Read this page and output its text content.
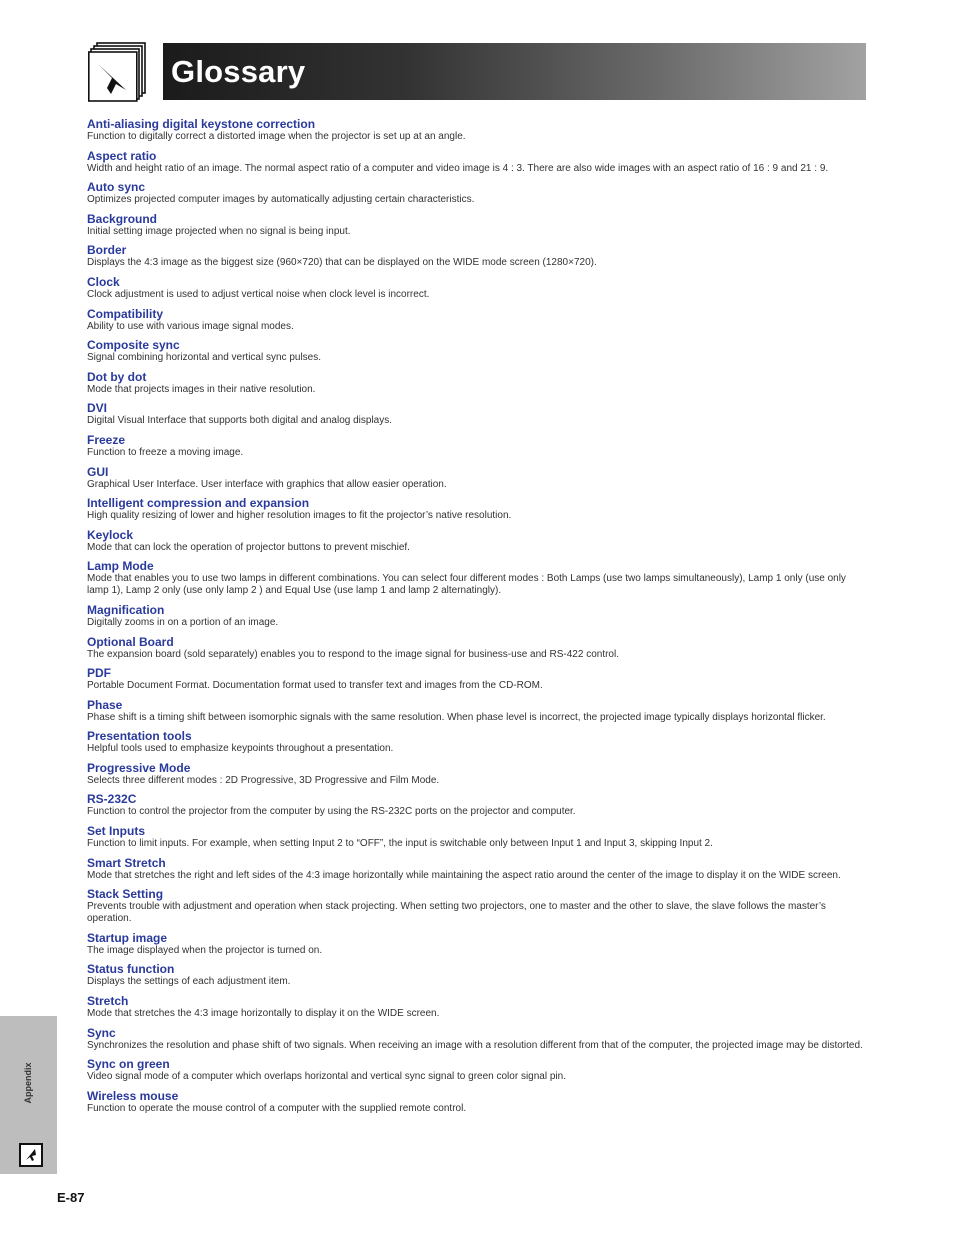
Glossary
Anti-aliasing digital keystone correction
Function to digitally correct a distorted image when the projector is set up at an angle.
Aspect ratio
Width and height ratio of an image. The normal aspect ratio of a computer and video image is 4 : 3. There are also wide images with an aspect ratio of 16 : 9 and 21 : 9.
Auto sync
Optimizes projected computer images by automatically adjusting certain characteristics.
Background
Initial setting image projected when no signal is being input.
Border
Displays the 4:3 image as the biggest size (960×720) that can be displayed on the WIDE mode screen (1280×720).
Clock
Clock adjustment is used to adjust vertical noise when clock level is incorrect.
Compatibility
Ability to use with various image signal modes.
Composite sync
Signal combining horizontal and vertical sync pulses.
Dot by dot
Mode that projects images in their native resolution.
DVI
Digital Visual Interface that supports both digital and analog displays.
Freeze
Function to freeze a moving image.
GUI
Graphical User Interface. User interface with graphics that allow easier operation.
Intelligent compression and expansion
High quality resizing of lower and higher resolution images to fit the projector’s native resolution.
Keylock
Mode that can lock the operation of projector buttons to prevent mischief.
Lamp Mode
Mode that enables you to use two lamps in different combinations. You can select four different modes : Both Lamps (use two lamps simultaneously), Lamp 1 only (use only lamp 1), Lamp 2 only (use only lamp 2 ) and Equal Use (use lamp 1 and lamp 2 alternatingly).
Magnification
Digitally zooms in on a portion of an image.
Optional Board
The expansion board (sold separately) enables you to respond to the image signal for business-use and RS-422 control.
PDF
Portable Document Format. Documentation format used to transfer text and images from the CD-ROM.
Phase
Phase shift is a timing shift between isomorphic signals with the same resolution. When phase level is incorrect, the projected image typically displays horizontal flicker.
Presentation tools
Helpful tools used to emphasize keypoints throughout a presentation.
Progressive Mode
Selects three different modes : 2D Progressive, 3D Progressive and Film Mode.
RS-232C
Function to control the projector from the computer by using the RS-232C ports on the projector and computer.
Set Inputs
Function to limit inputs. For example, when setting Input 2 to “OFF”, the input is switchable only between Input 1 and Input 3, skipping Input 2.
Smart Stretch
Mode that stretches the right and left sides of the 4:3 image horizontally while maintaining the aspect ratio around the center of the image to display it on the WIDE screen.
Stack Setting
Prevents trouble with adjustment and operation when stack projecting. When setting two projectors, one to master and the other to slave, the slave follows the master’s operation.
Startup image
The image displayed when the projector is turned on.
Status function
Displays the settings of each adjustment item.
Stretch
Mode that stretches the 4:3 image horizontally to display it on the WIDE screen.
Sync
Synchronizes the resolution and phase shift of two signals. When receiving an image with a resolution different from that of the computer, the projected image may be distorted.
Sync on green
Video signal mode of a computer which overlaps horizontal and vertical sync signal to green color signal pin.
Wireless mouse
Function to operate the mouse control of a computer with the supplied remote control.
Appendix
E-87
